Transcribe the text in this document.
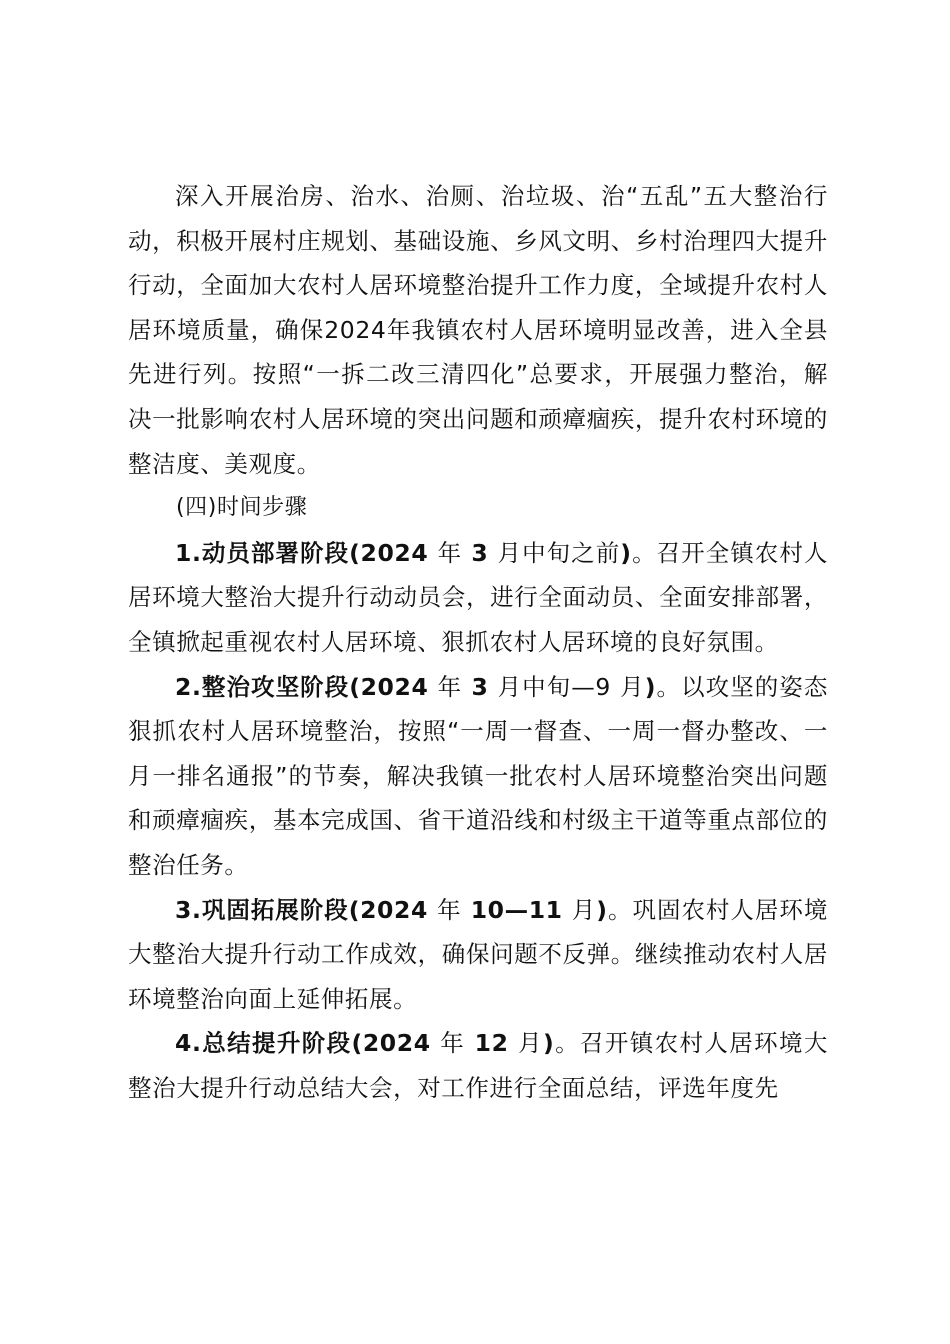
深入开展治房、治水、治厕、治垃圾、治“五乱”五大整治行动，积极开展村庄规划、基础设施、乡风文明、乡村治理四大提升行动，全面加大农村人居环境整治提升工作力度，全域提升农村人居环境质量，确保2024年我镇农村人居环境明显改善，进入全县先进行列。按照“一拆二改三清四化”总要求，开展强力整治，解决一批影响农村人居环境的突出问题和顽瘴痼疾，提升农村环境的整洁度、美观度。

(四)时间步骤

1.动员部署阶段(2024 年 3 月中旬之前)。召开全镇农村人居环境大整治大提升行动动员会，进行全面动员、全面安排部署，全镇掀起重视农村人居环境、狠抓农村人居环境的良好氛围。

2.整治攻坚阶段(2024 年 3 月中旬—9 月)。以攻坚的姿态狠抓农村人居环境整治，按照“一周一督查、一周一督办整改、一月一排名通报”的节奏，解决我镇一批农村人居环境整治突出问题和顽瘴痼疾，基本完成国、省干道沿线和村级主干道等重点部位的整治任务。

3.巩固拓展阶段(2024 年 10—11 月)。巩固农村人居环境大整治大提升行动工作成效，确保问题不反弹。继续推动农村人居环境整治向面上延伸拓展。

4.总结提升阶段(2024 年 12 月)。召开镇农村人居环境大整治大提升行动总结大会，对工作进行全面总结，评选年度先
